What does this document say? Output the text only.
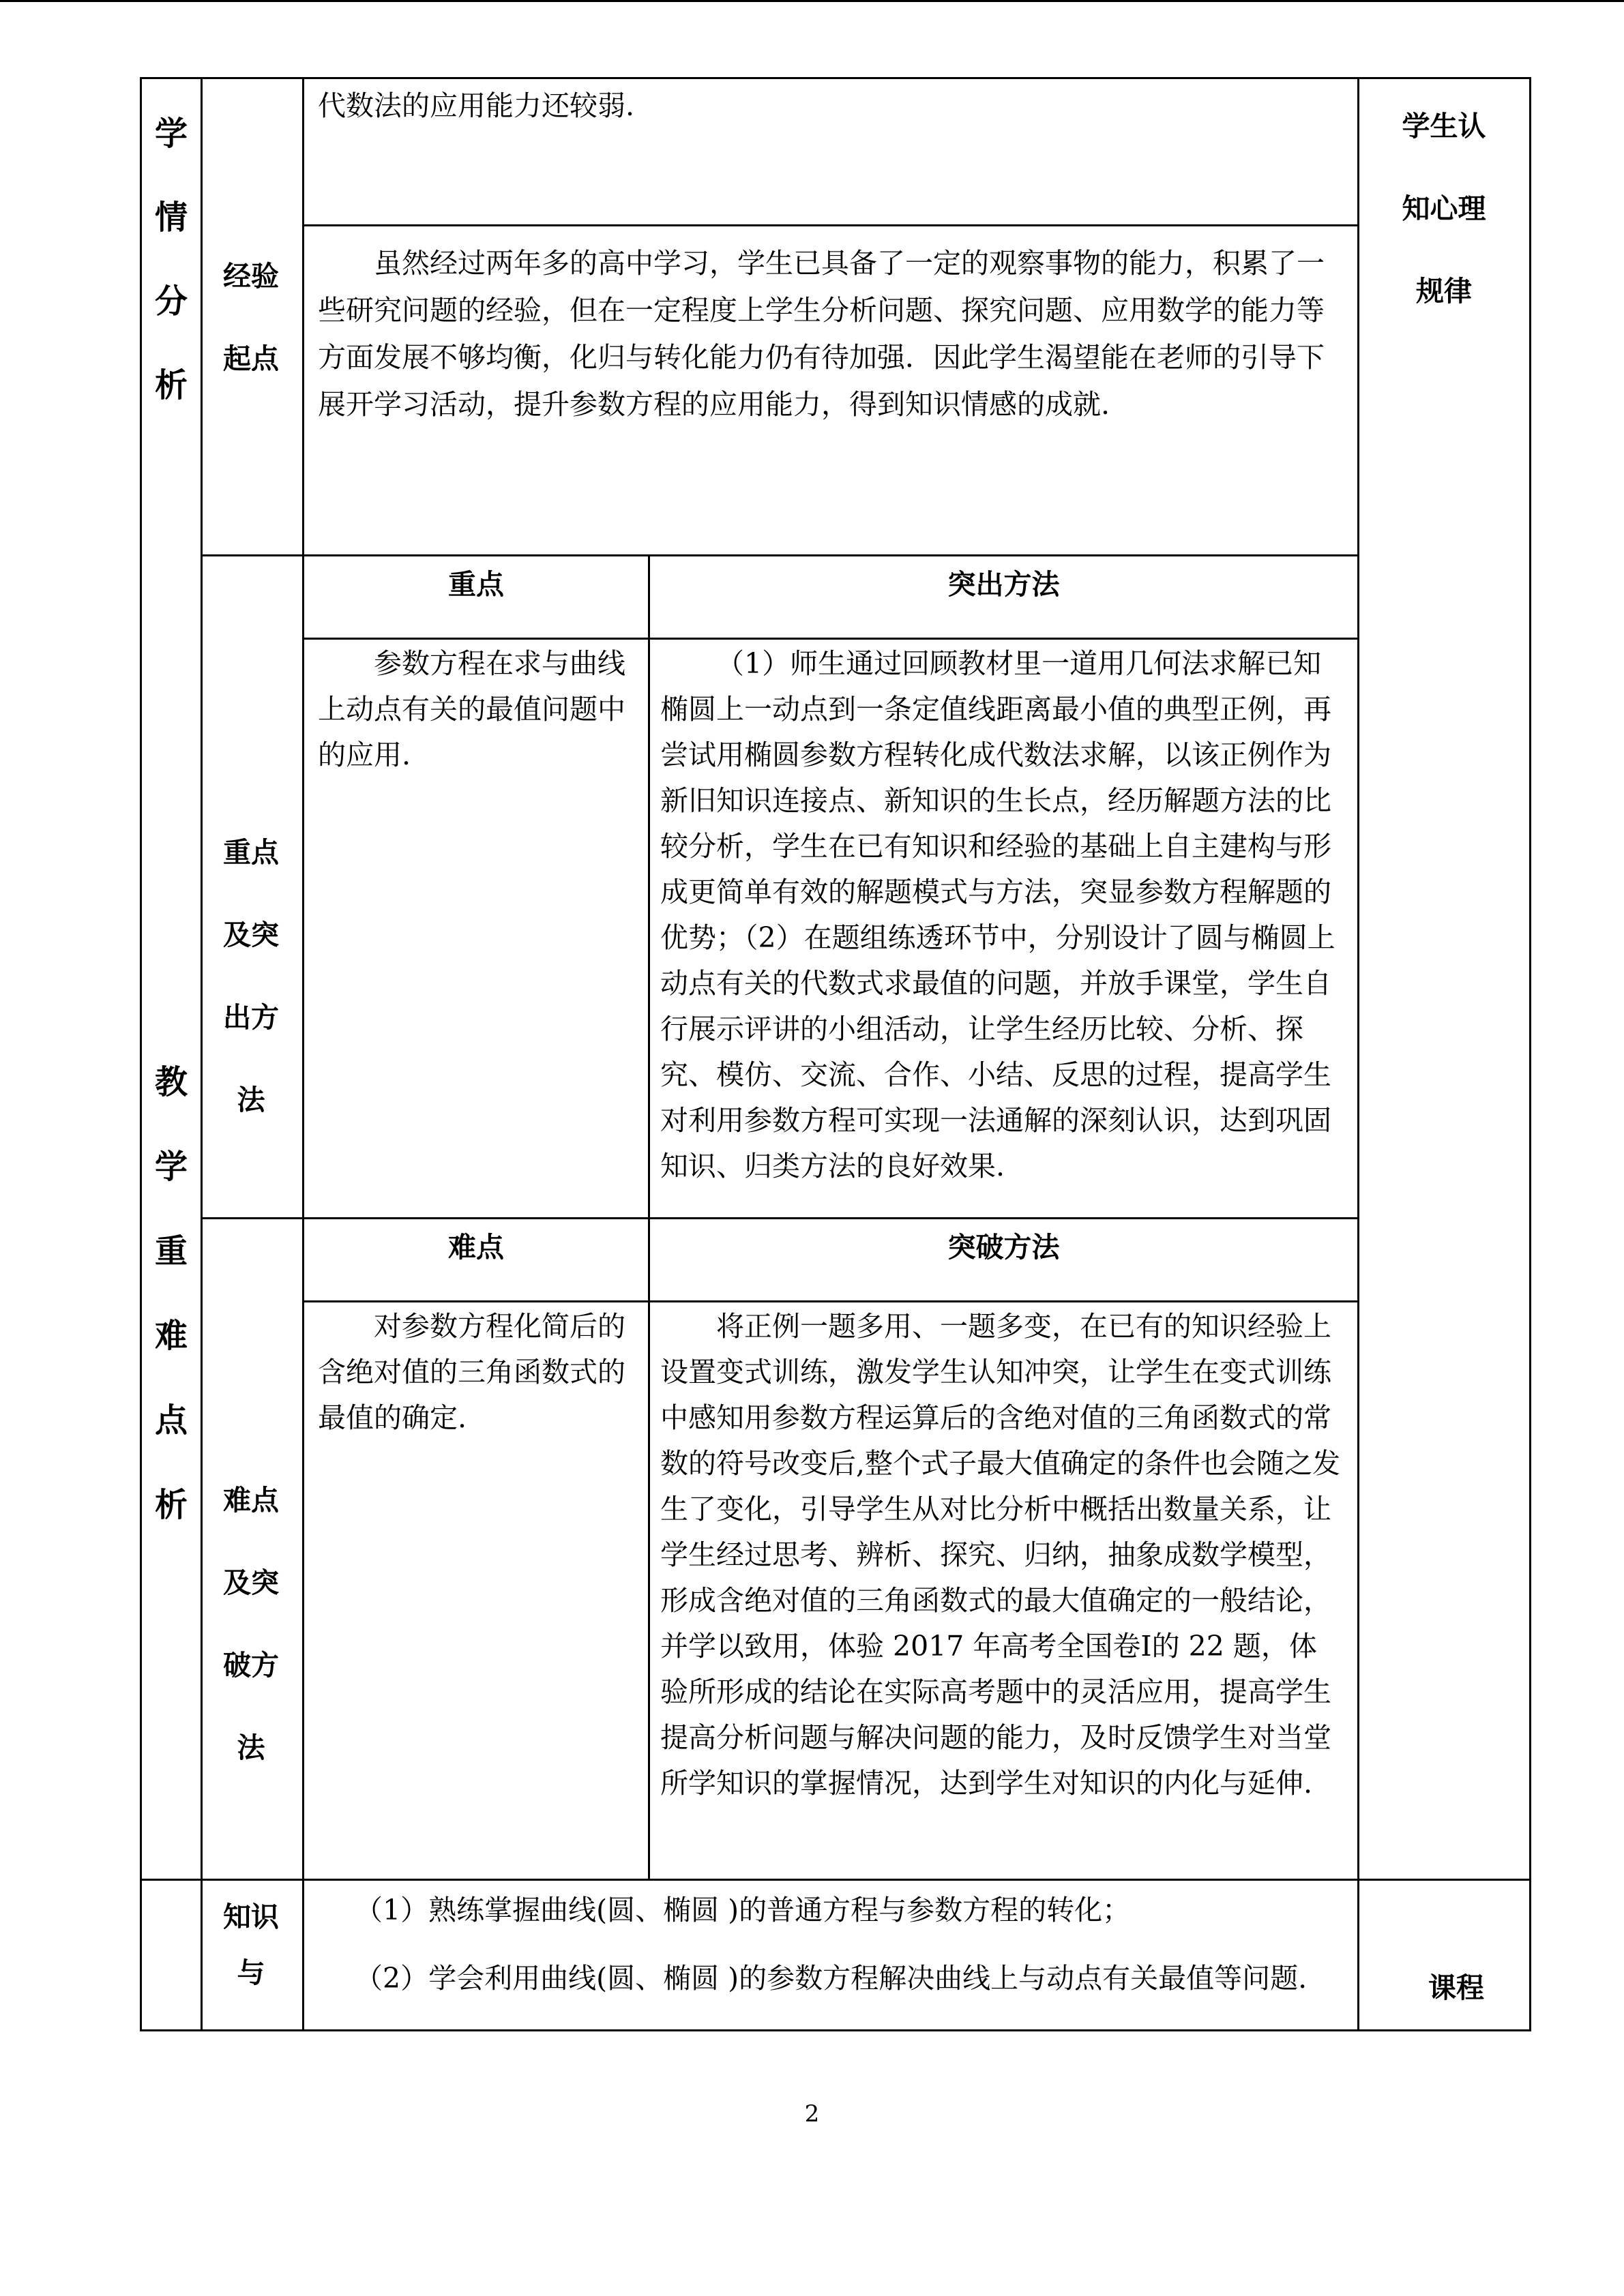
学情分析
教学重难点析
学生认知心理规律
课程
代数法的应用能力还较弱.
经验起点
虽然经过两年多的高中学习，学生已具备了一定的观察事物的能力，积累了一些研究问题的经验，但在一定程度上学生分析问题、探究问题、应用数学的能力等方面发展不够均衡，化归与转化能力仍有待加强．因此学生渴望能在老师的引导下展开学习活动，提升参数方程的应用能力，得到知识情感的成就.
重点及突出方法
重点	突出方法
参数方程在求与曲线上动点有关的最值问题中的应用.
（1）师生通过回顾教材里一道用几何法求解已知椭圆上一动点到一条定值线距离最小值的典型正例，再尝试用椭圆参数方程转化成代数法求解，以该正例作为新旧知识连接点、新知识的生长点，经历解题方法的比较分析，学生在已有知识和经验的基础上自主建构与形成更简单有效的解题模式与方法，突显参数方程解题的优势；（2）在题组练透环节中，分别设计了圆与椭圆上动点有关的代数式求最值的问题，并放手课堂，学生自行展示评讲的小组活动，让学生经历比较、分析、探究、模仿、交流、合作、小结、反思的过程，提高学生对利用参数方程可实现一法通解的深刻认识，达到巩固知识、归类方法的良好效果.
难点及突破方法
难点	突破方法
对参数方程化简后的含绝对值的三角函数式的最值的确定.
将正例一题多用、一题多变，在已有的知识经验上设置变式训练，激发学生认知冲突，让学生在变式训练中感知用参数方程运算后的含绝对值的三角函数式的常数的符号改变后,整个式子最大值确定的条件也会随之发生了变化，引导学生从对比分析中概括出数量关系，让学生经过思考、辨析、探究、归纳，抽象成数学模型，形成含绝对值的三角函数式的最大值确定的一般结论，并学以致用，体验 2017 年高考全国卷Ⅰ的 22 题，体验所形成的结论在实际高考题中的灵活应用，提高学生提高分析问题与解决问题的能力，及时反馈学生对当堂所学知识的掌握情况，达到学生对知识的内化与延伸.
知识与
（1）熟练掌握曲线(圆、椭圆 )的普通方程与参数方程的转化；
（2）学会利用曲线(圆、椭圆 )的参数方程解决曲线上与动点有关最值等问题.
2
